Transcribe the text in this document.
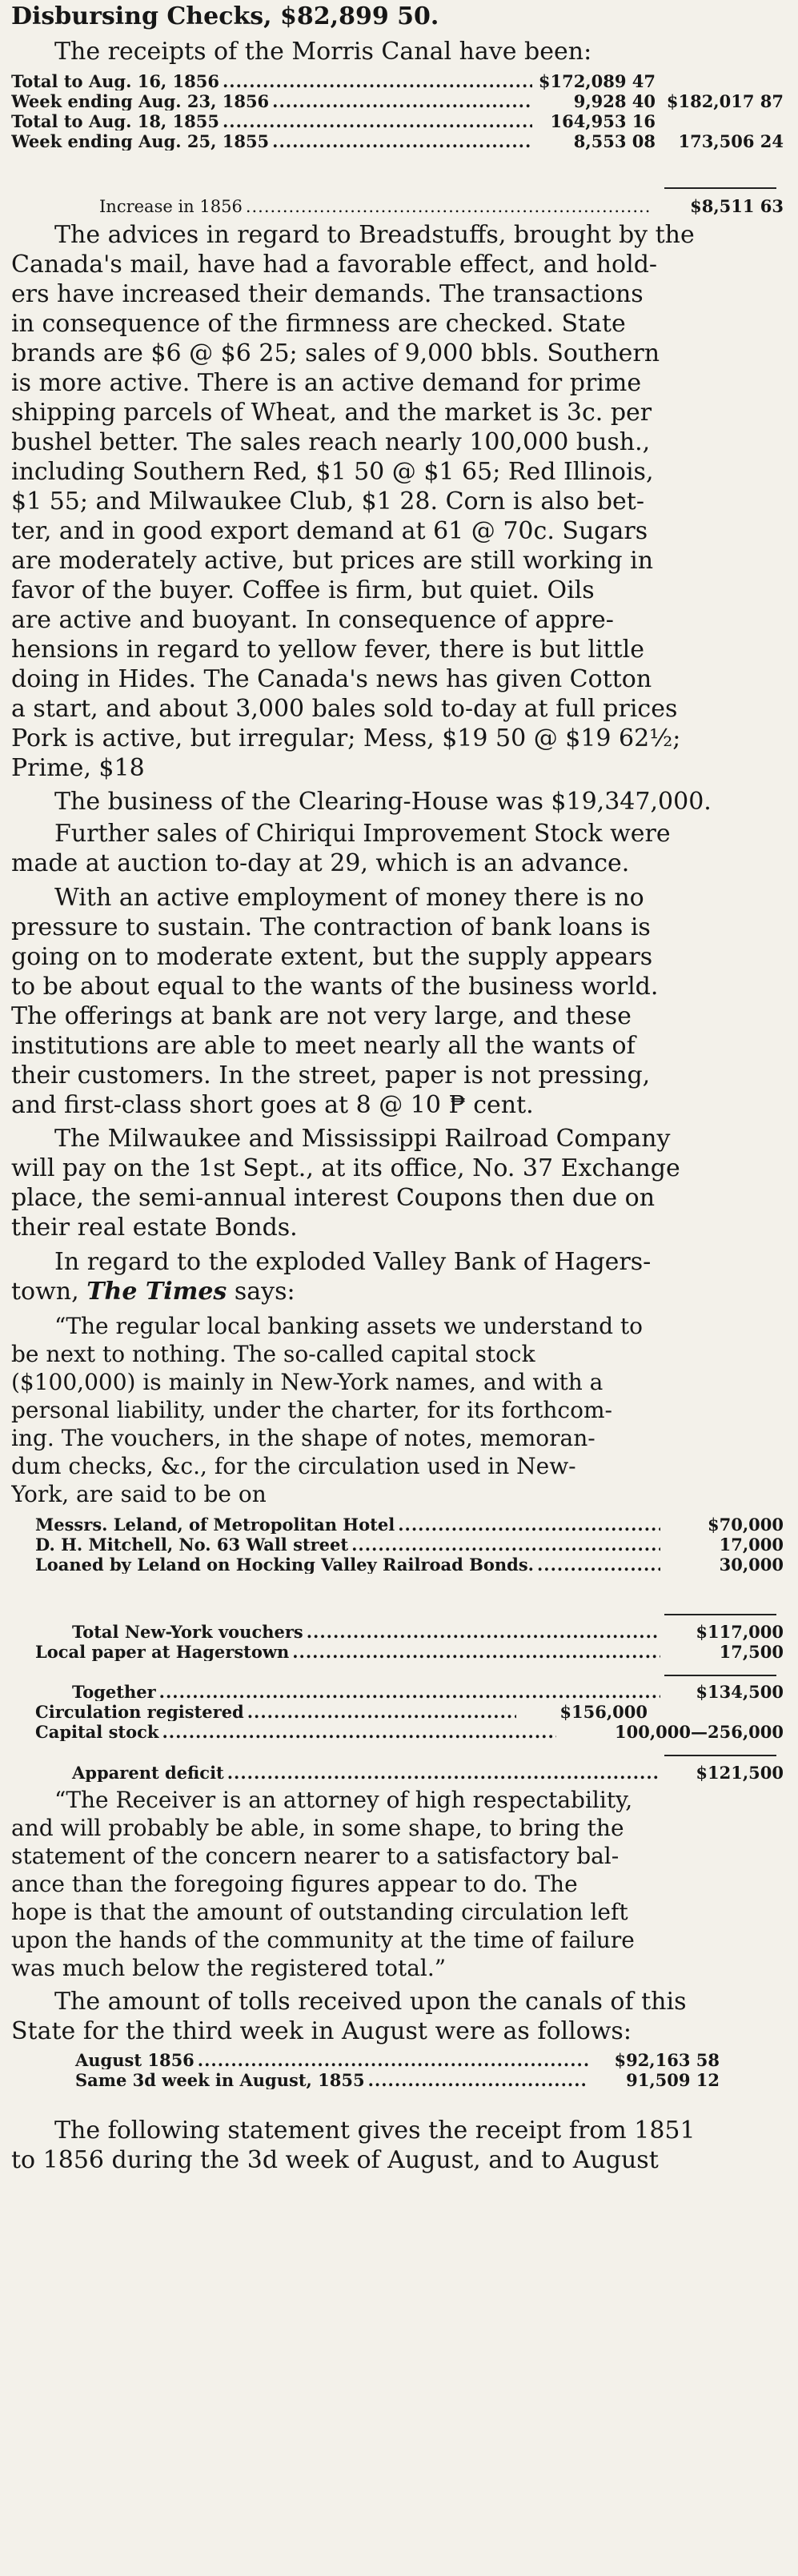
Disbursing Checks, $82,899 50.
The receipts of the Morris Canal have been:
Total to Aug. 16, 1856 .....	$172,089 47
Week ending Aug. 23, 1856 .....	9,928 40 $182,017 87
Total to Aug. 18, 1855 .....	164,953 16
Week ending Aug. 25, 1855 .....	8,553 08	173,506 24
Increase in 1856 .....	$8,511 63
The advices in regard to Breadstuffs, brought by the
Canada's mail, have had a favorable effect, and hold-
ers have increased their demands. The transactions
in consequence of the firmness are checked. State
brands are $6 @ $6 25; sales of 9,000 bbls. Southern
is more active. There is an active demand for prime
shipping parcels of Wheat, and the market is 3c. per
bushel better. The sales reach nearly 100,000 bush.,
including Southern Red, $1 50 @ $1 65; Red Illinois,
$1 55; and Milwaukee Club, $1 28. Corn is also bet-
ter, and in good export demand at 61 @ 70c. Sugars
are moderately active, but prices are still working in
favor of the buyer. Coffee is firm, but quiet. Oils
are active and buoyant. In consequence of appre-
hensions in regard to yellow fever, there is but little
doing in Hides. The Canada's news has given Cotton
a start, and about 3,000 bales sold to-day at full prices
Pork is active, but irregular; Mess, $19 50 @ $19 62½;
Prime, $18
The business of the Clearing-House was $19,347,000.
Further sales of Chiriqui Improvement Stock were
made at auction to-day at 29, which is an advance.
With an active employment of money there is no
pressure to sustain. The contraction of bank loans is
going on to moderate extent, but the supply appears
to be about equal to the wants of the business world.
The offerings at bank are not very large, and these
institutions are able to meet nearly all the wants of
their customers. In the street, paper is not pressing,
and first-class short goes at 8 @ 10 ₱ cent.
The Milwaukee and Mississippi Railroad Company
will pay on the 1st Sept., at its office, No. 37 Exchange
place, the semi-annual interest Coupons then due on
their real estate Bonds.
In regard to the exploded Valley Bank of Hagers-
town, The Times says:
“The regular local banking assets we understand to
be next to nothing. The so-called capital stock
($100,000) is mainly in New-York names, and with a
personal liability, under the charter, for its forthcom-
ing. The vouchers, in the shape of notes, memoran-
dum checks, &c., for the circulation used in New-
York, are said to be on
Messrs. Leland, of Metropolitan Hotel .....	$70,000
D. H. Mitchell, No. 63 Wall street .....	17,000
Loaned by Leland on Hocking Valley Railroad Bonds. .....	30,000
Total New-York vouchers .....	$117,000
Local paper at Hagerstown .....	17,500
Together .....	$134,500
Circulation registered .....	$156,000
Capital stock .....	100,000—256,000
Apparent deficit .....	$121,500
“The Receiver is an attorney of high respectability,
and will probably be able, in some shape, to bring the
statement of the concern nearer to a satisfactory bal-
ance than the foregoing figures appear to do. The
hope is that the amount of outstanding circulation left
upon the hands of the community at the time of failure
was much below the registered total.”
The amount of tolls received upon the canals of this
State for the third week in August were as follows:
August 1856 .....	$92,163 58
Same 3d week in August, 1855 .....	91,509 12
The following statement gives the receipt from 1851
to 1856 during the 3d week of August, and to August
